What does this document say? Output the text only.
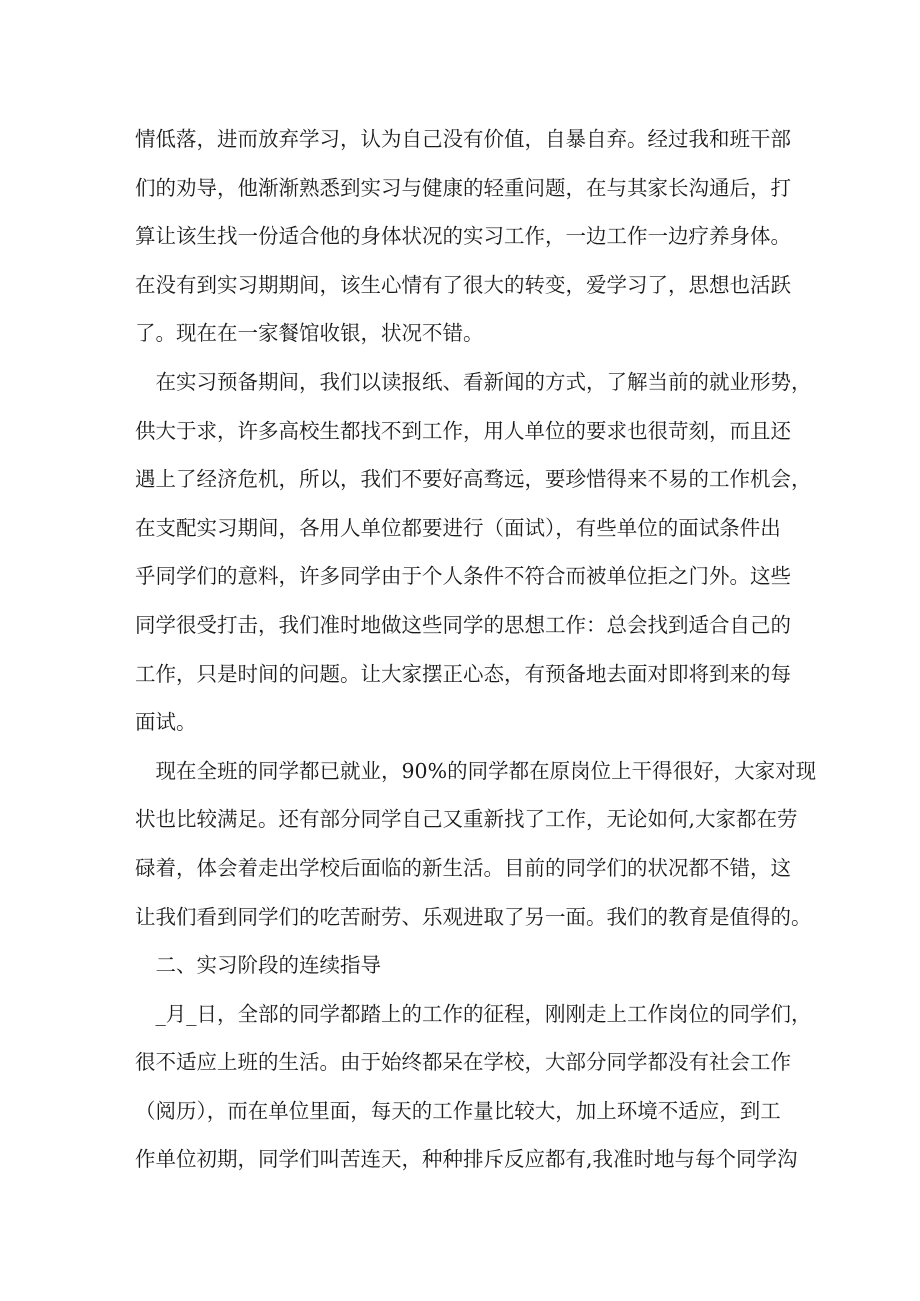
情低落，进而放弃学习，认为自己没有价值，自暴自弃。经过我和班干部
们的劝导，他渐渐熟悉到实习与健康的轻重问题，在与其家长沟通后，打
算让该生找一份适合他的身体状况的实习工作，一边工作一边疗养身体。
在没有到实习期期间，该生心情有了很大的转变，爱学习了，思想也活跃
了。现在在一家餐馆收银，状况不错。
　在实习预备期间，我们以读报纸、看新闻的方式，了解当前的就业形势，
供大于求，许多高校生都找不到工作，用人单位的要求也很苛刻，而且还
遇上了经济危机，所以，我们不要好高骛远，要珍惜得来不易的工作机会，
在支配实习期间，各用人单位都要进行（面试），有些单位的面试条件出
乎同学们的意料，许多同学由于个人条件不符合而被单位拒之门外。这些
同学很受打击，我们准时地做这些同学的思想工作：总会找到适合自己的
工作，只是时间的问题。让大家摆正心态，有预备地去面对即将到来的每
面试。
　现在全班的同学都已就业，90%的同学都在原岗位上干得很好，大家对现
状也比较满足。还有部分同学自己又重新找了工作，无论如何,大家都在劳
碌着，体会着走出学校后面临的新生活。目前的同学们的状况都不错，这
让我们看到同学们的吃苦耐劳、乐观进取了另一面。我们的教育是值得的。
　二、实习阶段的连续指导
　_月_日，全部的同学都踏上的工作的征程，刚刚走上工作岗位的同学们，
很不适应上班的生活。由于始终都呆在学校，大部分同学都没有社会工作
（阅历），而在单位里面，每天的工作量比较大，加上环境不适应，到工
作单位初期，同学们叫苦连天，种种排斥反应都有,我准时地与每个同学沟
